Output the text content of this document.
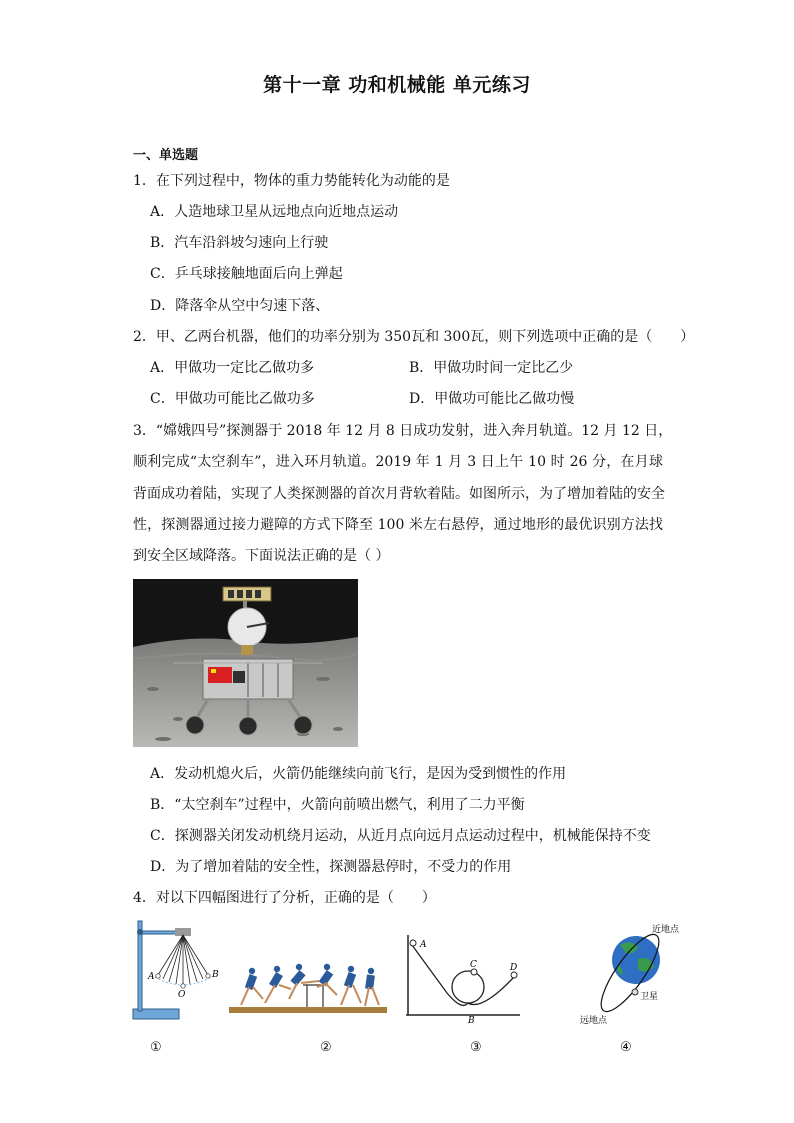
第十一章 功和机械能 单元练习
一、单选题
1．在下列过程中，物体的重力势能转化为动能的是
A．人造地球卫星从远地点向近地点运动
B．汽车沿斜坡匀速向上行驶
C．乒乓球接触地面后向上弹起
D．降落伞从空中匀速下落、
2．甲、乙两台机器，他们的功率分别为 350瓦和 300瓦，则下列选项中正确的是（　　）
A．甲做功一定比乙做功多	B．甲做功时间一定比乙少
C．甲做功可能比乙做功多	D．甲做功可能比乙做功慢
3．“嫦娥四号”探测器于 2018 年 12 月 8 日成功发射，进入奔月轨道。12 月 12 日，
顺利完成“太空刹车”，进入环月轨道。2019 年 1 月 3 日上午 10 时 26 分，在月球
背面成功着陆，实现了人类探测器的首次月背软着陆。如图所示，为了增加着陆的安全
性，探测器通过接力避障的方式下降至 100 米左右悬停，通过地形的最优识别方法找
到安全区域降落。下面说法正确的是（ ）
A．发动机熄火后，火箭仍能继续向前飞行，是因为受到惯性的作用
B．“太空刹车”过程中，火箭向前喷出燃气，利用了二力平衡
C．探测器关闭发动机绕月运动，从近月点向远月点运动过程中，机械能保持不变
D．为了增加着陆的安全性，探测器悬停时，不受力的作用
4．对以下四幅图进行了分析，正确的是（　　）
A	B
O
①	②
A
B
C	D
③
近地点
远地点
卫星
④
